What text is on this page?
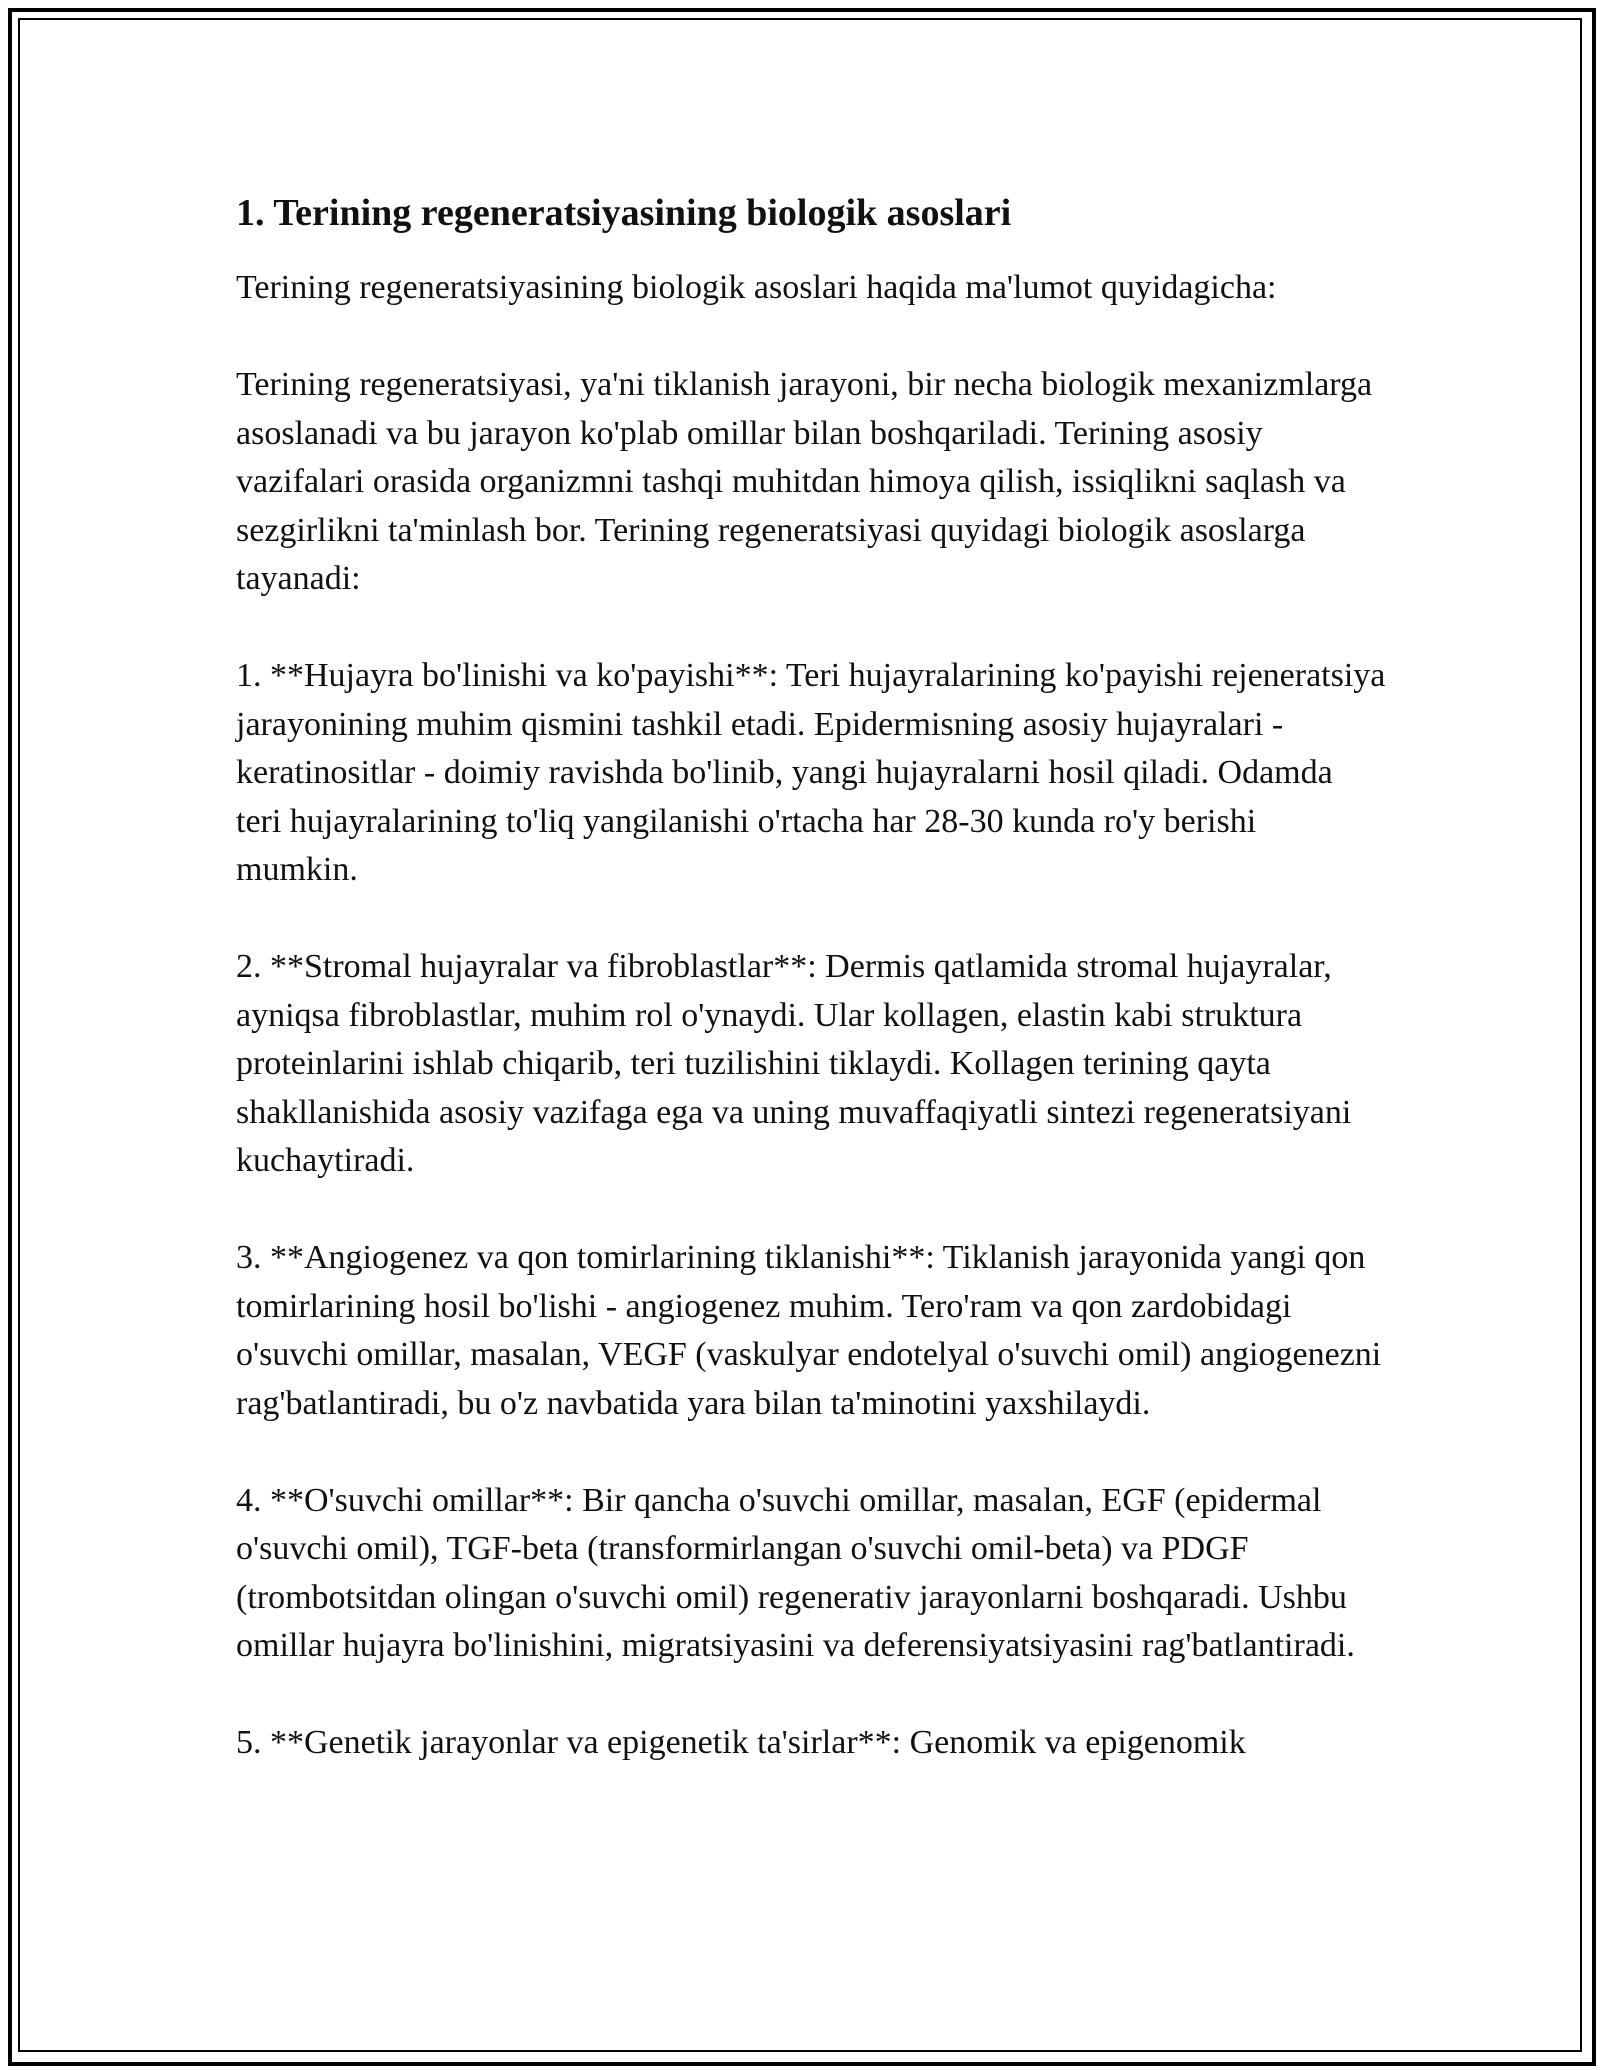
1. Terining regeneratsiyasining biologik asoslari

Terining regeneratsiyasining biologik asoslari haqida ma'lumot quyidagicha:

Terining regeneratsiyasi, ya'ni tiklanish jarayoni, bir necha biologik mexanizmlarga asoslanadi va bu jarayon ko'plab omillar bilan boshqariladi. Terining asosiy vazifalari orasida organizmni tashqi muhitdan himoya qilish, issiqlikni saqlash va sezgirlikni ta'minlash bor. Terining regeneratsiyasi quyidagi biologik asoslarga tayanadi:

1. **Hujayra bo'linishi va ko'payishi**: Teri hujayralarining ko'payishi rejeneratsiya jarayonining muhim qismini tashkil etadi. Epidermisning asosiy hujayralari - keratinositlar - doimiy ravishda bo'linib, yangi hujayralarni hosil qiladi. Odamda teri hujayralarining to'liq yangilanishi o'rtacha har 28-30 kunda ro'y berishi mumkin.

2. **Stromal hujayralar va fibroblastlar**: Dermis qatlamida stromal hujayralar, ayniqsa fibroblastlar, muhim rol o'ynaydi. Ular kollagen, elastin kabi struktura proteinlarini ishlab chiqarib, teri tuzilishini tiklaydi. Kollagen terining qayta shakllanishida asosiy vazifaga ega va uning muvaffaqiyatli sintezi regeneratsiyani kuchaytiradi.

3. **Angiogenez va qon tomirlarining tiklanishi**: Tiklanish jarayonida yangi qon tomirlarining hosil bo'lishi - angiogenez muhim. Tero'ram va qon zardobidagi o'suvchi omillar, masalan, VEGF (vaskulyar endotelyal o'suvchi omil) angiogenezni rag'batlantiradi, bu o'z navbatida yara bilan ta'minotini yaxshilaydi.

4. **O'suvchi omillar**: Bir qancha o'suvchi omillar, masalan, EGF (epidermal o'suvchi omil), TGF-beta (transformirlangan o'suvchi omil-beta) va PDGF (trombotsitdan olingan o'suvchi omil) regenerativ jarayonlarni boshqaradi. Ushbu omillar hujayra bo'linishini, migratsiyasini va deferensiyatsiyasini rag'batlantiradi.

5. **Genetik jarayonlar va epigenetik ta'sirlar**: Genomik va epigenomik
